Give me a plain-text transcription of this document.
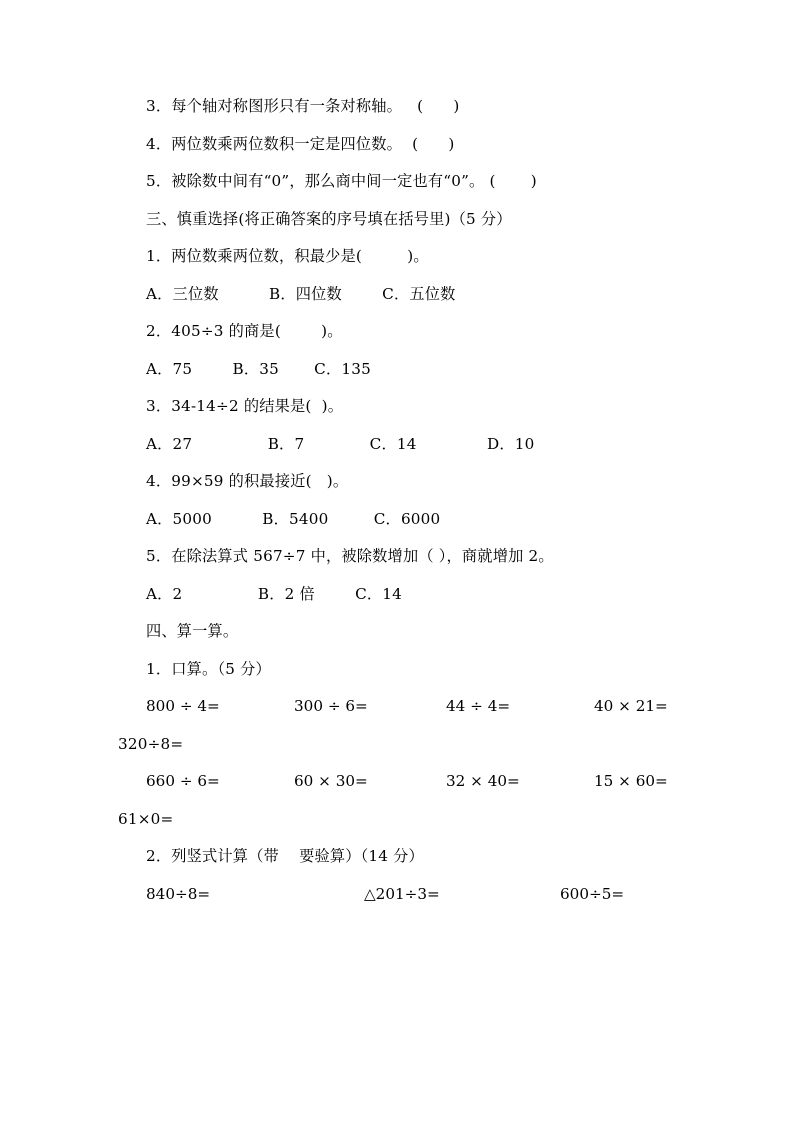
3．每个轴对称图形只有一条对称轴。   (      )
4．两位数乘两位数积一定是四位数。  (      )
5．被除数中间有“0”，那么商中间一定也有“0”。 (       )
三、慎重选择(将正确答案的序号填在括号里)（5 分）
1．两位数乘两位数，积最少是(         )。
A．三位数          B．四位数        C．五位数
2．405÷3 的商是(        )。
A．75        B．35       C．135
3．34-14÷2 的结果是(  )。
A．27               B．7             C．14              D．10
4．99×59 的积最接近(   )。
A．5000          B．5400         C．6000
5．在除法算式 567÷7 中，被除数增加（ ），商就增加 2。
A．2               B．2 倍        C．14
四、算一算。
1．口算。（5 分）
800 ÷ 4=	300 ÷ 6=	44 ÷ 4=	40 × 21=
320÷8=
660 ÷ 6=	60 × 30=	32 × 40=	15 × 60=
61×0=
2．列竖式计算（带    要验算）（14 分）
840÷8=	△201÷3=	600÷5=
